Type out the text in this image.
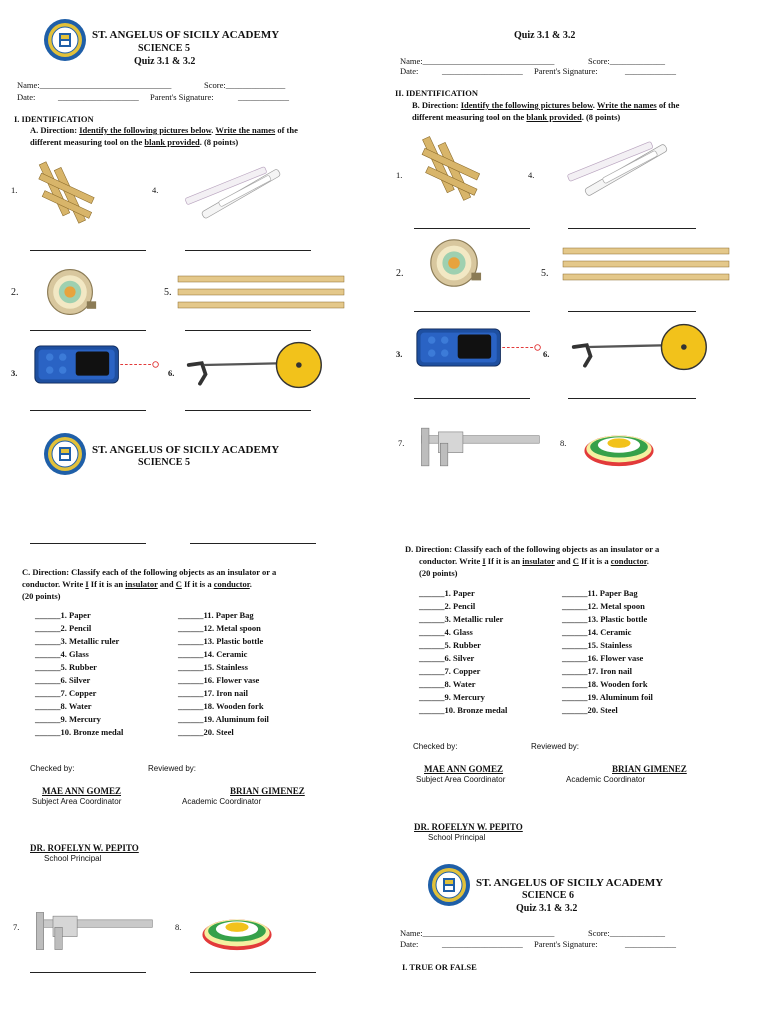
ST. ANGELUS OF SICILY ACADEMY
SCIENCE 5
Quiz 3.1 & 3.2
Name:_______________________________	Score:______________
Date:	___________________ Parent's Signature:	____________
I. IDENTIFICATION
A. Direction: Identify the following pictures below. Write the names of the
different measuring tool on the blank provided. (8 points)
1.	4.
2.	5.
3.	6.
ST. ANGELUS OF SICILY ACADEMY
SCIENCE 5
C. Direction: Classify each of the following objects as an insulator or a
conductor. Write I If it is an insulator and C If it is a conductor.
(20 points)
______1. Paper
______2. Pencil
______3. Metallic ruler
______4. Glass
______5. Rubber
______6. Silver
______7. Copper
______8. Water
______9. Mercury
______10. Bronze medal
______11. Paper Bag
______12. Metal spoon
______13. Plastic bottle
______14. Ceramic
______15. Stainless
______16. Flower vase
______17. Iron nail
______18. Wooden fork
______19. Aluminum foil
______20. Steel
Checked by:	Reviewed by:
MAE ANN GOMEZ
Subject Area Coordinator
BRIAN GIMENEZ
Academic Coordinator
DR. ROFELYN W. PEPITO
School Principal
7.	8.
Quiz 3.1 & 3.2
Name:_______________________________	Score:_____________
Date:	___________________ Parent's Signature:	____________
II. IDENTIFICATION
B. Direction: Identify the following pictures below. Write the names of the
different measuring tool on the blank provided. (8 points)
1.	4.
2.	5.
3.	6.
7.	8.
D. Direction: Classify each of the following objects as an insulator or a
conductor. Write I If it is an insulator and C If it is a conductor.
(20 points)
______1. Paper
______2. Pencil
______3. Metallic ruler
______4. Glass
______5. Rubber
______6. Silver
______7. Copper
______8. Water
______9. Mercury
______10. Bronze medal
______11. Paper Bag
______12. Metal spoon
______13. Plastic bottle
______14. Ceramic
______15. Stainless
______16. Flower vase
______17. Iron nail
______18. Wooden fork
______19. Aluminum foil
______20. Steel
Checked by:	Reviewed by:
MAE ANN GOMEZ
Subject Area Coordinator
BRIAN GIMENEZ
Academic Coordinator
DR. ROFELYN W. PEPITO
School Principal
ST. ANGELUS OF SICILY ACADEMY
SCIENCE 6
Quiz 3.1 & 3.2
Name:_______________________________	Score:_____________
Date:	___________________ Parent's Signature:	____________
I. TRUE OR FALSE
